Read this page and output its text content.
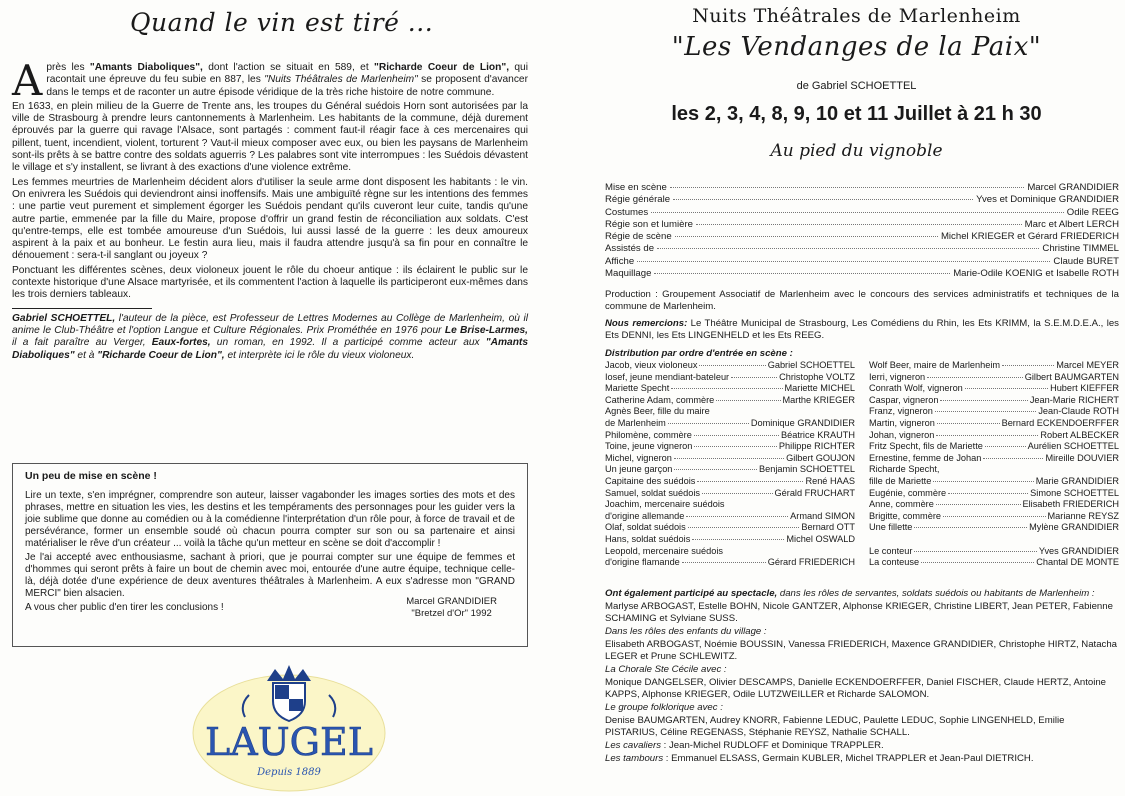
Quand le vin est tiré ...

Après les "Amants Diaboliques", dont l'action se situait en 589, et "Richarde Coeur de Lion", qui racontait une épreuve du feu subie en 887, les "Nuits Théâtrales de Marlenheim" se proposent d'avancer dans le temps et de raconter un autre épisode véridique de la très riche histoire de notre commune.

En 1633, en plein milieu de la Guerre de Trente ans, les troupes du Général suédois Horn sont autorisées par la ville de Strasbourg à prendre leurs cantonnements à Marlenheim. Les habitants de la commune, déjà durement éprouvés par la guerre qui ravage l'Alsace, sont partagés : comment faut-il réagir face à ces mercenaires qui pillent, tuent, incendient, violent, torturent ? Vaut-il mieux composer avec eux, ou bien les paysans de Marlenheim sont-ils prêts à se battre contre des soldats aguerris ? Les palabres sont vite interrompues : les Suédois dévastent le village et s'y installent, se livrant à des exactions d'une violence extrême.

Les femmes meurtries de Marlenheim décident alors d'utiliser la seule arme dont disposent les habitants : le vin. On enivrera les Suédois qui deviendront ainsi inoffensifs. Mais une ambiguïté règne sur les intentions des femmes : une partie veut purement et simplement égorger les Suédois pendant qu'ils cuveront leur cuite, tandis qu'une autre partie, emmenée par la fille du Maire, propose d'offrir un grand festin de réconciliation aux soldats. C'est qu'entre-temps, elle est tombée amoureuse d'un Suédois, lui aussi lassé de la guerre : les deux amoureux aspirent à la paix et au bonheur. Le festin aura lieu, mais il faudra attendre jusqu'à sa fin pour en connaître le dénouement : sera-t-il sanglant ou joyeux ?

Ponctuant les différentes scènes, deux violoneux jouent le rôle du choeur antique : ils éclairent le public sur le contexte historique d'une Alsace martyrisée, et ils commentent l'action à laquelle ils participeront eux-mêmes dans les trois derniers tableaux.

Gabriel SCHOETTEL, l'auteur de la pièce, est Professeur de Lettres Modernes au Collège de Marlenheim, où il anime le Club-Théâtre et l'option Langue et Culture Régionales. Prix Prométhée en 1976 pour Le Brise-Larmes, il a fait paraître au Verger, Eaux-fortes, un roman, en 1992. Il a participé comme acteur aux "Amants Diaboliques" et à "Richarde Coeur de Lion", et interprète ici le rôle du vieux violoneux.

Un peu de mise en scène !

Lire un texte, s'en imprégner, comprendre son auteur, laisser vagabonder les images sorties des mots et des phrases, mettre en situation les vies, les destins et les tempéraments des personnages pour les guider vers la joie sublime que donne au comédien ou à la comédienne l'interprétation d'un rôle pour, à force de travail et de persévérance, former un ensemble soudé où chacun pourra compter sur son ou sa partenaire et ainsi matérialiser le rêve d'un créateur ... voilà la tâche qu'un metteur en scène se doit d'accomplir !

Je l'ai accepté avec enthousiasme, sachant à priori, que je pourrai compter sur une équipe de femmes et d'hommes qui seront prêts à faire un bout de chemin avec moi, entourée d'une autre équipe, technique celle-là, déjà dotée d'une expérience de deux aventures théâtrales à Marlenheim. A eux s'adresse mon "GRAND MERCI" bien alsacien.

A vous cher public d'en tirer les conclusions !

Marcel GRANDIDIER
"Bretzel d'Or" 1992
LAUGEL
Depuis 1889
Nuits Théâtrales de Marlenheim
"Les Vendanges de la Paix"
de Gabriel SCHOETTEL
les 2, 3, 4, 8, 9, 10 et 11 Juillet à 21 h 30
Au pied du vignoble
Mise en scène	Marcel GRANDIDIER
Régie générale	Yves et Dominique GRANDIDIER
Costumes	Odile REEG
Régie son et lumière	Marc et Albert LERCH
Régie de scène	Michel KRIEGER et Gérard FRIEDERICH
Assistés de	Christine TIMMEL
Affiche	Claude BURET
Maquillage	Marie-Odile KOENIG et Isabelle ROTH
Production : Groupement Associatif de Marlenheim avec le concours des services administratifs et techniques de la commune de Marlenheim.
Nous remercions: Le Théâtre Municipal de Strasbourg, Les Comédiens du Rhin, les Ets KRIMM, la S.E.M.D.E.A., les Ets DENNI, les Ets LINGENHELD et les Ets REEG.
Distribution par ordre d'entrée en scène :
Jacob, vieux violoneux	Gabriel SCHOETTEL
Iosef, jeune mendiant-bateleur	Christophe VOLTZ
Mariette Specht	Mariette MICHEL
Catherine Adam, commère	Marthe KRIEGER
Agnès Beer, fille du maire
de Marlenheim	Dominique GRANDIDIER
Philomène, commère	Béatrice KRAUTH
Toine, jeune vigneron	Philippe RICHTER
Michel, vigneron	Gilbert GOUJON
Un jeune garçon	Benjamin SCHOETTEL
Capitaine des suédois	René HAAS
Samuel, soldat suédois	Gérald FRUCHART
Joachim, mercenaire suédois
d'origine allemande	Armand SIMON
Olaf, soldat suédois	Bernard OTT
Hans, soldat suédois	Michel OSWALD
Leopold, mercenaire suédois
d'origine flamande	Gérard FRIEDERICH
Wolf Beer, maire de Marlenheim	Marcel MEYER
Ierri, vigneron	Gilbert BAUMGARTEN
Conrath Wolf, vigneron	Hubert KIEFFER
Caspar, vigneron	Jean-Marie RICHERT
Franz, vigneron	Jean-Claude ROTH
Martin, vigneron	Bernard ECKENDOERFFER
Johan, vigneron	Robert ALBECKER
Fritz Specht, fils de Mariette	Aurélien SCHOETTEL
Ernestine, femme de Johan	Mireille DOUVIER
Richarde Specht,
fille de Mariette	Marie GRANDIDIER
Eugénie, commère	Simone SCHOETTEL
Anne, commère	Elisabeth FRIEDERICH
Brigitte, commère	Marianne REYSZ
Une fillette	Mylène GRANDIDIER
Le conteur	Yves GRANDIDIER
La conteuse	Chantal DE MONTE
Ont également participé au spectacle, dans les rôles de servantes, soldats suédois ou habitants de Marlenheim :
Marlyse ARBOGAST, Estelle BOHN, Nicole GANTZER, Alphonse KRIEGER, Christine LIBERT, Jean PETER, Fabienne SCHAMING et Sylviane SUSS.
Dans les rôles des enfants du village :
Elisabeth ARBOGAST, Noémie BOUSSIN, Vanessa FRIEDERICH, Maxence GRANDIDIER, Christophe HIRTZ, Natacha LEGER et Prune SCHLEWITZ.
La Chorale Ste Cécile avec :
Monique DANGELSER, Olivier DESCAMPS, Danielle ECKENDOERFFER, Daniel FISCHER, Claude HERTZ, Antoine KAPPS, Alphonse KRIEGER, Odile LUTZWEILLER et Richarde SALOMON.
Le groupe folklorique avec :
Denise BAUMGARTEN, Audrey KNORR, Fabienne LEDUC, Paulette LEDUC, Sophie LINGENHELD, Emilie PISTARIUS, Céline REGENASS, Stéphanie REYSZ, Nathalie SCHALL.
Les cavaliers : Jean-Michel RUDLOFF et Dominique TRAPPLER.
Les tambours : Emmanuel ELSASS, Germain KUBLER, Michel TRAPPLER et Jean-Paul DIETRICH.
